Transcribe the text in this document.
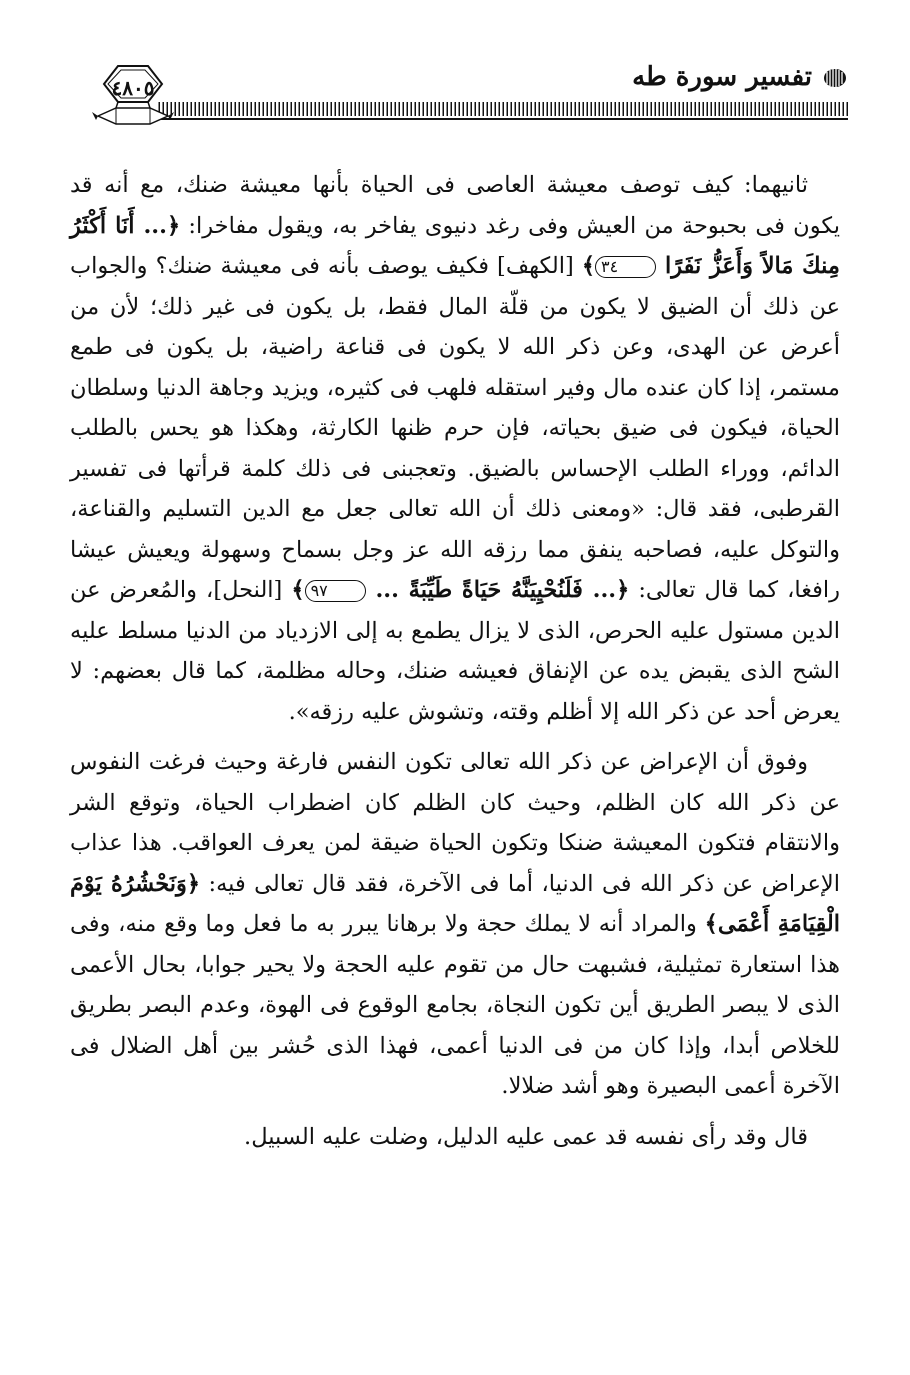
تفسير سورة طه
٤٨٠٥

ثانيهما: كيف توصف معيشة العاصى فى الحياة بأنها معيشة ضنك، مع أنه قد يكون فى بحبوحة من العيش وفى رغد دنيوى يفاخر به، ويقول مفاخرا: ﴿... أَنَا أَكْثَرُ مِنكَ مَالاً وَأَعَزُّ نَفَرًا ٣٤﴾ [الكهف] فكيف يوصف بأنه فى معيشة ضنك؟ والجواب عن ذلك أن الضيق لا يكون من قلّة المال فقط، بل يكون فى غير ذلك؛ لأن من أعرض عن الهدى، وعن ذكر الله لا يكون فى قناعة راضية، بل يكون فى طمع مستمر، إذا كان عنده مال وفير استقله فلهب فى كثيره، ويزيد وجاهة الدنيا وسلطان الحياة، فيكون فى ضيق بحياته، فإن حرم ظنها الكارثة، وهكذا هو يحس بالطلب الدائم، ووراء الطلب الإحساس بالضيق. وتعجبنى فى ذلك كلمة قرأتها فى تفسير القرطبى، فقد قال: «ومعنى ذلك أن الله تعالى جعل مع الدين التسليم والقناعة، والتوكل عليه، فصاحبه ينفق مما رزقه الله عز وجل بسماح وسهولة ويعيش عيشا رافغا، كما قال تعالى: ﴿... فَلَنُحْيِيَنَّهُ حَيَاةً طَيِّبَةً ... ٩٧﴾ [النحل]، والمُعرض عن الدين مستول عليه الحرص، الذى لا يزال يطمع به إلى الازدياد من الدنيا مسلط عليه الشح الذى يقبض يده عن الإنفاق فعيشه ضنك، وحاله مظلمة، كما قال بعضهم: لا يعرض أحد عن ذكر الله إلا أظلم وقته، وتشوش عليه رزقه».

وفوق أن الإعراض عن ذكر الله تعالى تكون النفس فارغة وحيث فرغت النفوس عن ذكر الله كان الظلم، وحيث كان الظلم كان اضطراب الحياة، وتوقع الشر والانتقام فتكون المعيشة ضنكا وتكون الحياة ضيقة لمن يعرف العواقب. هذا عذاب الإعراض عن ذكر الله فى الدنيا، أما فى الآخرة، فقد قال تعالى فيه: ﴿وَنَحْشُرُهُ يَوْمَ الْقِيَامَةِ أَعْمَى﴾ والمراد أنه لا يملك حجة ولا برهانا يبرر به ما فعل وما وقع منه، وفى هذا استعارة تمثيلية، فشبهت حال من تقوم عليه الحجة ولا يحير جوابا، بحال الأعمى الذى لا يبصر الطريق أين تكون النجاة، بجامع الوقوع فى الهوة، وعدم البصر بطريق للخلاص أبدا، وإذا كان من فى الدنيا أعمى، فهذا الذى حُشر بين أهل الضلال فى الآخرة أعمى البصيرة وهو أشد ضلالا.

قال وقد رأى نفسه قد عمى عليه الدليل، وضلت عليه السبيل.
